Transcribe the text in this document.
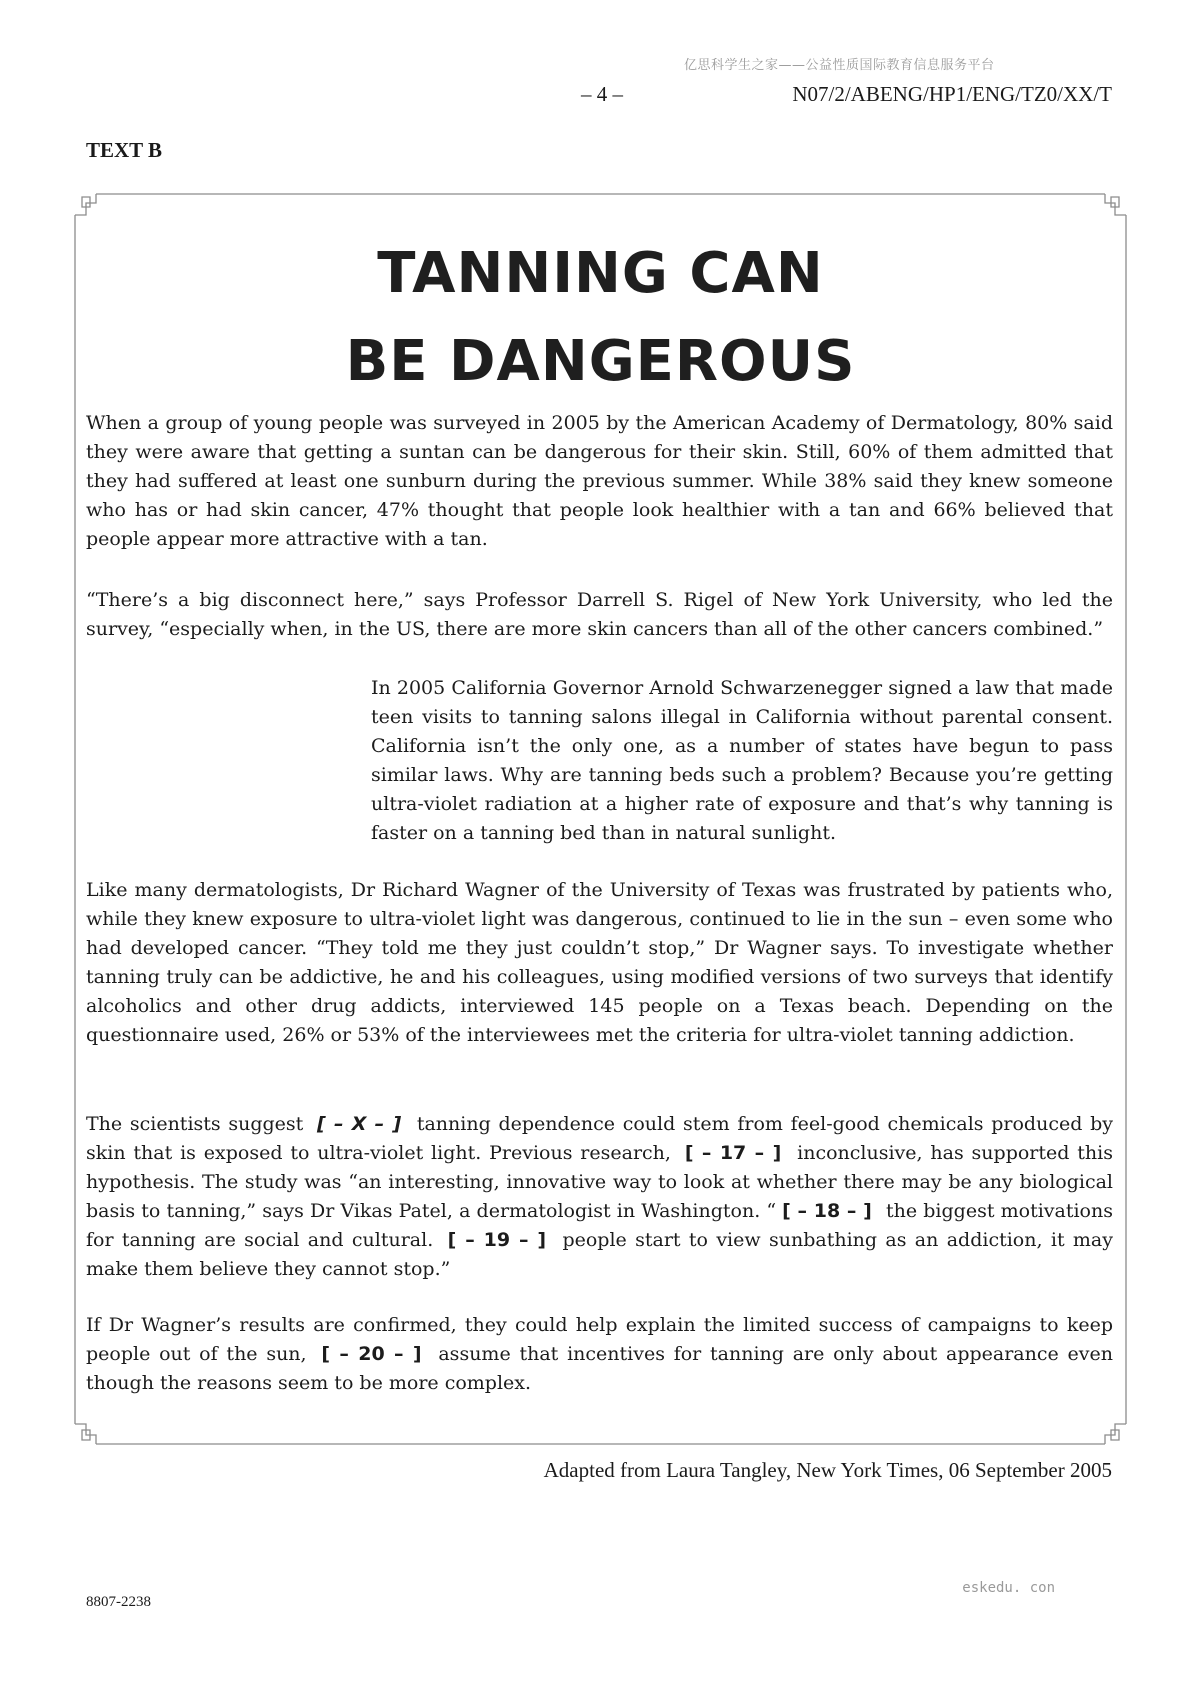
亿思科学生之家——公益性质国际教育信息服务平台
– 4 –	N07/2/ABENG/HP1/ENG/TZ0/XX/T
TEXT B
TANNING CAN
BE DANGEROUS

When a group of young people was surveyed in 2005 by the American Academy of Dermatology, 80% said they were aware that getting a suntan can be dangerous for their skin. Still, 60% of them admitted that they had suffered at least one sunburn during the previous summer. While 38% said they knew someone who has or had skin cancer, 47% thought that people look healthier with a tan and 66% believed that people appear more attractive with a tan.

“There’s a big disconnect here,” says Professor Darrell S. Rigel of New York University, who led the survey, “especially when, in the US, there are more skin cancers than all of the other cancers combined.”

In 2005 California Governor Arnold Schwarzenegger signed a law that made teen visits to tanning salons illegal in California without parental consent. California isn’t the only one, as a number of states have begun to pass similar laws. Why are tanning beds such a problem? Because you’re getting ultra-violet radiation at a higher rate of exposure and that’s why tanning is faster on a tanning bed than in natural sunlight.

Like many dermatologists, Dr Richard Wagner of the University of Texas was frustrated by patients who, while they knew exposure to ultra-violet light was dangerous, continued to lie in the sun – even some who had developed cancer. “They told me they just couldn’t stop,” Dr Wagner says. To investigate whether tanning truly can be addictive, he and his colleagues, using modified versions of two surveys that identify alcoholics and other drug addicts, interviewed 145 people on a Texas beach. Depending on the questionnaire used, 26% or 53% of the interviewees met the criteria for ultra-violet tanning addiction.

The scientists suggest [ – X – ] tanning dependence could stem from feel-good chemicals produced by skin that is exposed to ultra-violet light. Previous research, [ – 17 – ] inconclusive, has supported this hypothesis. The study was “an interesting, innovative way to look at whether there may be any biological basis to tanning,” says Dr Vikas Patel, a dermatologist in Washington. “ [ – 18 – ] the biggest motivations for tanning are social and cultural. [ – 19 – ] people start to view sunbathing as an addiction, it may make them believe they cannot stop.”

If Dr Wagner’s results are confirmed, they could help explain the limited success of campaigns to keep people out of the sun, [ – 20 – ] assume that incentives for tanning are only about appearance even though the reasons seem to be more complex.

Adapted from Laura Tangley, New York Times, 06 September 2005
8807-2238
eskedu. con
